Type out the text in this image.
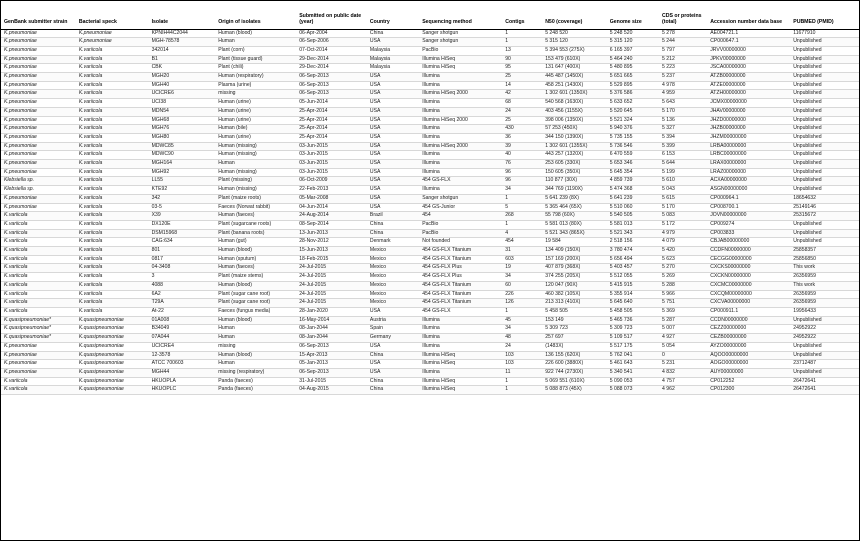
GenBank submitter strain	Bacterial speck	Isolate	Origin of isolates	Submitted on public date (year)	Country	Sequencing method	Contigs	N50 (coverage)	Genome size	CDS or proteins (total)	Accession number data base	PUBMED (PMID)
K.pneumoniae	K.pneumoniae	KPNIH44C2044	Human (blood)	06-Apr-2004	China	Sanger shotgun	1	5 248 520	5 248 520	5 278	AE004721.1	11677910
K.pneumoniae	K.pneumoniae	MGH-78578	Human	06-Sep-2006	USA	Sanger shotgun	1	5 315 120	5 315 120	5 244	CP000647.1	Unpublished
K.pneumoniae	K.variicola	342014	Plant (corn)	07-Oct-2014	Malaysia	PacBio	13	5 394 553 (275X)	6 165 397	5 797	JRVV00000000	Unpublished
K.pneumoniae	K.variicola	B1	Plant (tissue guard)	29-Dec-2014	Malaysia	Illumina HiSeq	90	153 479 (610X)	5 464 240	5 212	JPKV00000000	Unpublished
K.pneumoniae	K.variicola	CBK	Plant (chili)	29-Dec-2014	Malaysia	Illumina HiSeq	95	131 647 (400X)	5 480 895	5 223	JSCA00000000	Unpublished
K.pneumoniae	K.variicola	MGH20	Human (respiratory)	06-Sep-2013	USA	Illumina	25	445 487 (1450X)	5 651 665	5 237	ATZB00000000	Unpublished
K.pneumoniae	K.variicola	MGH40	Plasma (urine)	06-Sep-2013	USA	Illumina	14	458 251 (1430X)	5 529 895	4 978	ATZE00000000	Unpublished
K.pneumoniae	K.variicola	UCICRE6	missing	06-Sep-2013	USA	Illumina HiSeq 2000	42	1 302 601 (1350X)	5 376 586	4 959	ATZH00000000	Unpublished
K.pneumoniae	K.variicola	UCI38	Human (urine)	05-Jun-2014	USA	Illumina	68	540 568 (1630X)	5 633 652	5 643	JCMX00000000	Unpublished
K.pneumoniae	K.variicola	MDN54	Human (urine)	25-Apr-2014	USA	Illumina	24	403 456 (1155X)	5 520 645	5 170	JHAV00000000	Unpublished
K.pneumoniae	K.variicola	MGH68	Human (urine)	25-Apr-2014	USA	Illumina HiSeq 2000	25	398 006 (1350X)	5 521 324	5 136	JHZD00000000	Unpublished
K.pneumoniae	K.variicola	MGH76	Human (bile)	25-Apr-2014	USA	Illumina	430	57 253 (450X)	5 940 376	5 327	JHZB00000000	Unpublished
K.pneumoniae	K.variicola	MGH80	Human (urine)	25-Apr-2014	USA	Illumina	36	344 150 (1390X)	5 735 155	5 394	JHZM00000000	Unpublished
K.pneumoniae	K.variicola	MDWC85	Human (missing)	03-Jun-2015	USA	Illumina HiSeq 2000	39	1 302 601 (1355X)	5 736 546	5 399	LRBA00000000	Unpublished
K.pneumoniae	K.variicola	MDWC90	Human (missing)	03-Jun-2015	USA	Illumina	40	443 257 (1320X)	6 470 559	6 153	LRBC00000000	Unpublished
K.pneumoniae	K.variicola	MGH164	Human	03-Jun-2015	USA	Illumina	76	253 605 (330X)	5 653 346	5 644	LRAX00000000	Unpublished
K.pneumoniae	K.variicola	MGH92	Human (missing)	03-Jun-2015	USA	Illumina	96	150 605 (350X)	5 645 354	5 199	LRAZ00000000	Unpublished
Klebsiella sp.	K.variicola	LL55	Plant (missing)	06-Oct-2009	USA	454 GS-FLX	96	110 877 (30X)	4 859 739	5 610	ACXA00000000	Unpublished
Klebsiella sp.	K.variicola	KTE92	Human (missing)	22-Feb-2013	USA	Illumina	34	344 769 (1190X)	5 474 368	5 043	ASGN00000000	Unpublished
K.pneumoniae	K.variicola	342	Plant (maize roots)	05-Mar-2008	USA	Sanger shotgun	1	5 641 239 (8X)	5 641 239	5 615	CP000964.1	18654632
K.pneumoniae	K.variicola	03-5	Faeces (Norwat rabbit)	04-Jun-2014	USA	454 GS-Junior	5	5 365 464 (65X)	5 510 060	5 170	CP008700.1	25149146
K.variicola	K.variicola	X39	Human (faeces)	24-Aug-2014	Brazil	454	268	55 798 (60X)	5 540 505	5 083	JOVN00000000	25315672
K.variicola	K.variicola	DX120E	Plant (sugarcane roots)	08-Sep-2014	China	PacBio	1	5 581 013 (80X)	5 581 013	5 172	CP009274	Unpublished
K.variicola	K.variicola	DSM15968	Plant (banana roots)	13-Jun-2013	China	PacBio	4	5 521 343 (865X)	5 521 343	4 979	CP003833	Unpublished
K.variicola	K.variicola	CAG:634	Human (gut)	28-Nov-2012	Denmark	Not founded	454	19 584	2 518 156	4 079	CBJAB00000000	Unpublished
K.variicola	K.variicola	801	Human (blood)	15-Jun-2013	Mexico	454 GS-FLX Titanium	31	134 409 (150X)	3 780 474	5 420	CCDFN00000000	25858357
K.variicola	K.variicola	0817	Human (sputum)	18-Feb-2015	Mexico	454 GS-FLX Titanium	603	157 169 (200X)	5 656 494	5 623	CECGG00000000	25856850
K.variicola	K.variicola	04-3408	Human (faeces)	24-Jul-2015	Mexico	454 GS-FLX Plus	19	407 879 (368X)	5 403 457	5 270	CXCKS00000000	This work
K.variicola	K.variicola	3	Plant (maize stems)	24-Jul-2015	Mexico	454 GS-FLX Plus	34	374 255 (205X)	5 512 055	5 269	CXCKN00000000	26356959
K.variicola	K.variicola	4088	Human (blood)	24-Jul-2015	Mexico	454 GS-FLX Titanium	60	120 047 (90X)	5 415 915	5 288	CXCMC00000000	This work
K.variicola	K.variicola	6A2	Plant (sugar cane root)	24-Jul-2015	Mexico	454 GS-FLX Titanium	226	460 382 (105X)	5 355 914	5 966	CXCQM00000000	26356959
K.variicola	K.variicola	T29A	Plant (sugar cane root)	24-Jul-2015	Mexico	454 GS-FLX Titanium	126	213 313 (410X)	5 645 640	5 751	CXCVA00000000	26356959
K.variicola	K.variicola	At-22	Faeces (fungus media)	28-Jan-2020	USA	454 GS-FLX	1	5 458 505	5 458 505	5 369	CP000911.1	19956433
K.quasipneumoniae*	K.quasipneumoniae	01A008	Human (blood)	16-May-2014	Austria	Illumina	45	153 149	5 465 736	5 287	CCDN00000000	Unpublished
K.quasipneumoniae*	K.quasipneumoniae	B34049	Human	08-Jan-2044	Spain	Illumina	34	5 309 723	5 309 723	5 007	CEZZ00000000	24952922
K.quasipneumoniae*	K.quasipneumoniae	07A044	Human	08-Jan-2044	Germany	Illumina	48	257 697	5 109 517	4 927	CEZB00000000	24952922
K.pneumoniae	K.quasipneumoniae	UCICRE4	missing	06-Sep-2013	USA	Illumina	24	(1483X)	5 517 175	5 054	AYZO00000000	Unpublished
K.pneumoniae	K.quasipneumoniae	12-3578	Human (blood)	15-Apr-2013	China	Illumina HiSeq	103	136 155 (620X)	5 762 041	0	AQOO00000000	Unpublished
K.pneumoniae	K.quasipneumoniae	ATCC 700603	Human	05-Jan-2013	USA	Illumina HiSeq	103	226 600 (3880X)	5 461 643	5 231	AOGO00000000	23712487
K.pneumoniae	K.quasipneumoniae	MGH44	missing (respiratory)	06-Sep-2013	USA	Illumina	11	922 744 (2730X)	5 340 541	4 832	AUY00000000	Unpublished
K.variicola	K.quasipneumoniae	HKUOPLA	Panda (faeces)	31-Jul-2015	China	Illumina HiSeq	1	5 069 551 (610X)	5 090 053	4 757	CP012252	26472641
K.variicola	K.quasipneumoniae	HKUOPLC	Panda (faeces)	04-Aug-2015	China	Illumina HiSeq	1	5 088 873 (45X)	5 088 073	4 962	CP012300	26472641
